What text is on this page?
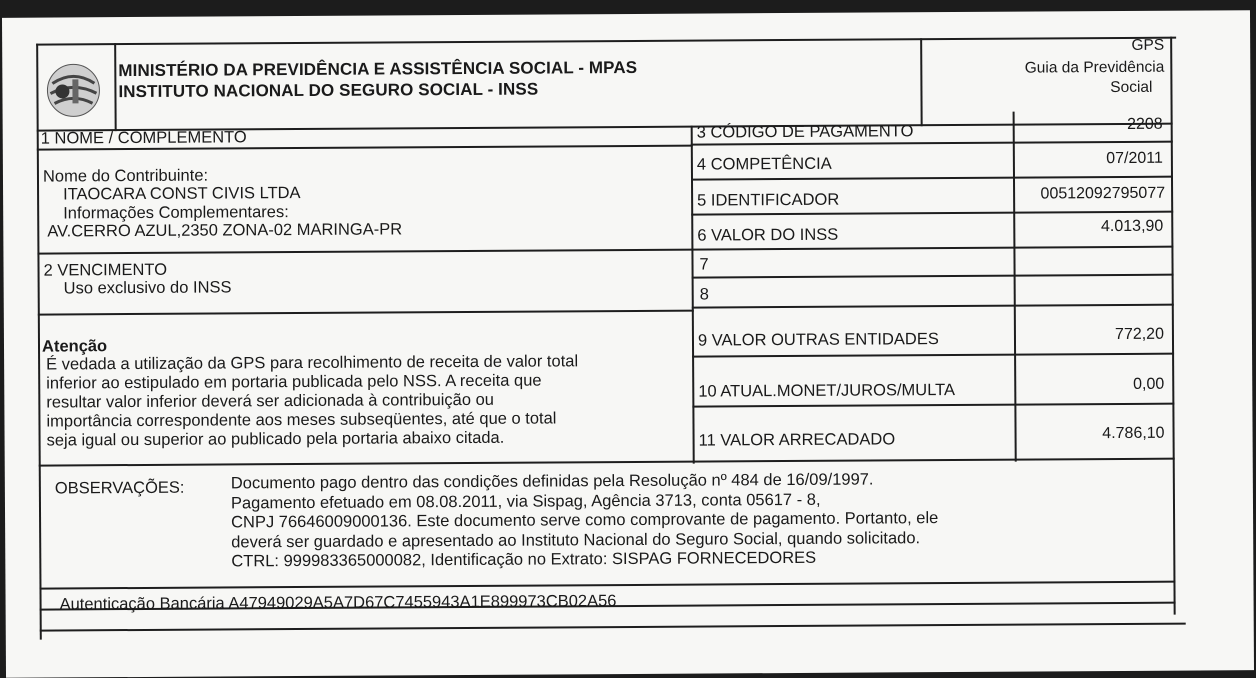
MINISTÉRIO DA PREVIDÊNCIA E ASSISTÊNCIA SOCIAL - MPAS
INSTITUTO NACIONAL DO SEGURO SOCIAL - INSS
GPS
Guia da Previdência
Social
1 NOME / COMPLEMENTO
Nome do Contribuinte:
ITAOCARA CONST CIVIS LTDA
Informações Complementares:
AV.CERRO AZUL,2350 ZONA-02 MARINGA-PR
2 VENCIMENTO
Uso exclusivo do INSS
Atenção
É vedada a utilização da GPS para recolhimento de receita de valor total
inferior ao estipulado em portaria publicada pelo NSS. A receita que
resultar valor inferior deverá ser adicionada à contribuição ou
importância correspondente aos meses subseqüentes, até que o total
seja igual ou superior ao publicado pela portaria abaixo citada.
3 CÓDIGO DE PAGAMENTO
4 COMPETÊNCIA
5 IDENTIFICADOR
6 VALOR DO INSS
7
8
9 VALOR OUTRAS ENTIDADES
10 ATUAL.MONET/JUROS/MULTA
11 VALOR ARRECADADO
2208
07/2011
00512092795077
4.013,90
772,20
0,00
4.786,10
OBSERVAÇÕES:	Documento pago dentro das condições definidas pela Resolução nº 484 de 16/09/1997.
Pagamento efetuado em 08.08.2011, via Sispag, Agência 3713, conta 05617 - 8,
CNPJ 76646009000136. Este documento serve como comprovante de pagamento. Portanto, ele
deverá ser guardado e apresentado ao Instituto Nacional do Seguro Social, quando solicitado.
CTRL: 999983365000082, Identificação no Extrato: SISPAG FORNECEDORES
Autenticação Bancária A47949029A5A7D67C7455943A1E899973CB02A56
